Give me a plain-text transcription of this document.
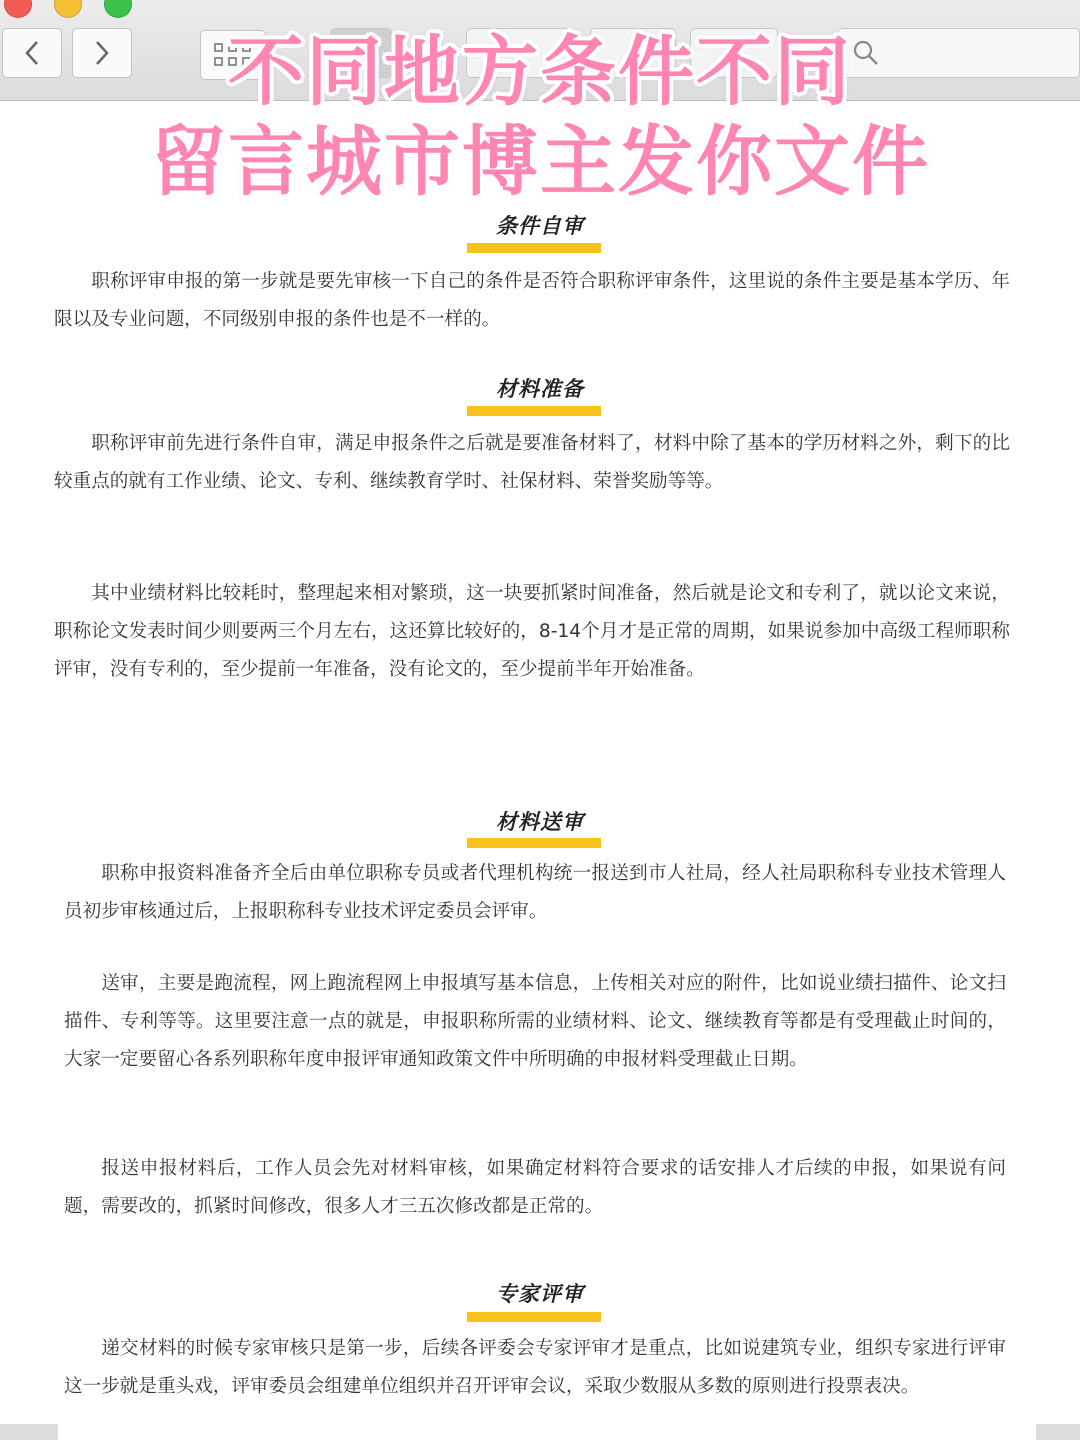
条件自审

职称评审申报的第一步就是要先审核一下自己的条件是否符合职称评审条件，这里说的条件主要是基本学历、年限以及专业问题，不同级别申报的条件也是不一样的。

材料准备

职称评审前先进行条件自审，满足申报条件之后就是要准备材料了，材料中除了基本的学历材料之外，剩下的比较重点的就有工作业绩、论文、专利、继续教育学时、社保材料、荣誉奖励等等。

其中业绩材料比较耗时，整理起来相对繁琐，这一块要抓紧时间准备，然后就是论文和专利了，就以论文来说，职称论文发表时间少则要两三个月左右，这还算比较好的，8-14个月才是正常的周期，如果说参加中高级工程师职称评审，没有专利的，至少提前一年准备，没有论文的，至少提前半年开始准备。

材料送审

职称申报资料准备齐全后由单位职称专员或者代理机构统一报送到市人社局，经人社局职称科专业技术管理人员初步审核通过后，上报职称科专业技术评定委员会评审。

送审，主要是跑流程，网上跑流程网上申报填写基本信息，上传相关对应的附件，比如说业绩扫描件、论文扫描件、专利等等。这里要注意一点的就是，申报职称所需的业绩材料、论文、继续教育等都是有受理截止时间的，大家一定要留心各系列职称年度申报评审通知政策文件中所明确的申报材料受理截止日期。

报送申报材料后，工作人员会先对材料审核，如果确定材料符合要求的话安排人才后续的申报，如果说有问题，需要改的，抓紧时间修改，很多人才三五次修改都是正常的。

专家评审

递交材料的时候专家审核只是第一步，后续各评委会专家评审才是重点，比如说建筑专业，组织专家进行评审这一步就是重头戏，评审委员会组建单位组织并召开评审会议，采取少数服从多数的原则进行投票表决。

不同地方条件不同
留言城市博主发你文件
